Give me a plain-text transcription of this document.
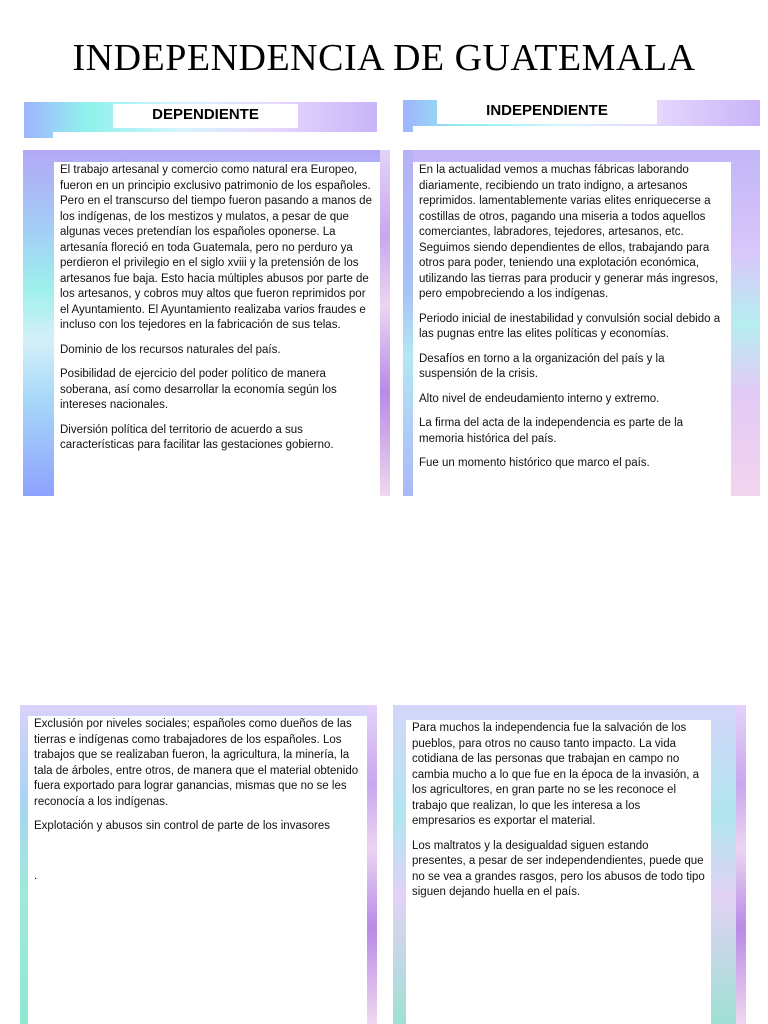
INDEPENDENCIA DE GUATEMALA
DEPENDIENTE	INDEPENDIENTE

El trabajo artesanal y comercio como natural era Europeo, fueron en un principio exclusivo patrimonio de los españoles. Pero en el transcurso del tiempo fueron pasando a manos de los indígenas, de los mestizos y mulatos, a pesar de que algunas veces pretendían los españoles oponerse. La artesanía floreció en toda Guatemala, pero no perduro ya perdieron el privilegio en el siglo xviii y la pretensión de los artesanos fue baja. Esto hacia múltiples abusos por parte de los artesanos, y cobros muy altos que fueron reprimidos por el Ayuntamiento. El Ayuntamiento realizaba varios fraudes e incluso con los tejedores en la fabricación de sus telas.

Dominio de los recursos naturales del país.

Posibilidad de ejercicio del poder político de manera soberana, así como desarrollar la economía según los intereses nacionales.

Diversión política del territorio de acuerdo a sus características para facilitar las gestaciones gobierno.

En la actualidad vemos a muchas fábricas laborando diariamente, recibiendo un trato indigno, a artesanos reprimidos. lamentablemente varias elites enriquecerse a costillas de otros, pagando una miseria a todos aquellos comerciantes, labradores, tejedores, artesanos, etc. Seguimos siendo dependientes de ellos, trabajando para otros para poder, teniendo una explotación económica, utilizando las tierras para producir y generar más ingresos, pero empobreciendo a los indígenas.

Periodo inicial de inestabilidad y convulsión social debido a las pugnas entre las elites políticas y economías.

Desafíos en torno a la organización del país y la suspensión de la crisis.

Alto nivel de endeudamiento interno y extremo.

La firma del acta de la independencia es parte de la memoria histórica del país.

Fue un momento histórico que marco el país.

Exclusión por niveles sociales; españoles como dueños de las tierras e indígenas como trabajadores de los españoles. Los trabajos que se realizaban fueron, la agricultura, la minería, la tala de árboles, entre otros, de manera que el material obtenido fuera exportado para lograr ganancias, mismas que no se les reconocía a los indígenas.

Explotación y abusos sin control de parte de los invasores

.

Para muchos la independencia fue la salvación de los pueblos, para otros no causo tanto impacto. La vida cotidiana de las personas que trabajan en campo no cambia mucho a lo que fue en la época de la invasión, a los agricultores, en gran parte no se les reconoce el trabajo que realizan, lo que les interesa a los empresarios es exportar el material.

Los maltratos y la desigualdad siguen estando presentes, a pesar de ser independendientes, puede que no se vea a grandes rasgos, pero los abusos de todo tipo siguen dejando huella en el país.
